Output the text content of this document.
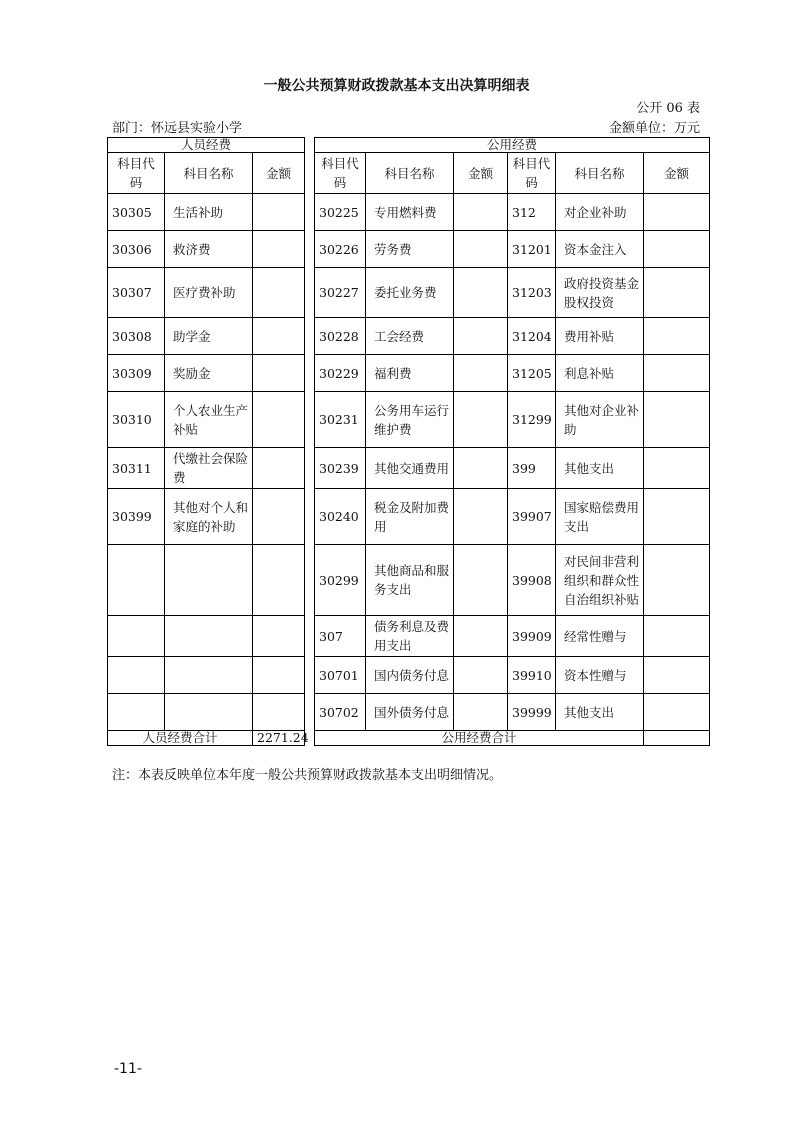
一般公共预算财政拨款基本支出决算明细表
公开 06 表
部门：怀远县实验小学	金额单位：万元
人员经费				公用经费					
科目代码	科目名称	金额		科目代码	科目名称	金额	科目代码	科目名称	金额
30305	生活补助			30225	专用燃料费		312	对企业补助	
30306	救济费			30226	劳务费		31201	资本金注入	
30307	医疗费补助			30227	委托业务费		31203	政府投资基金股权投资	
30308	助学金			30228	工会经费		31204	费用补贴	
30309	奖励金			30229	福利费		31205	利息补贴	
30310	个人农业生产补贴			30231	公务用车运行维护费		31299	其他对企业补助	
30311	代缴社会保险费			30239	其他交通费用		399	其他支出	
30399	其他对个人和家庭的补助			30240	税金及附加费用		39907	国家赔偿费用支出	
				30299	其他商品和服务支出		39908	对民间非营利组织和群众性自治组织补贴	
				307	债务利息及费用支出		39909	经常性赠与	
				30701	国内债务付息		39910	资本性赠与	
				30702	国外债务付息		39999	其他支出	
人员经费合计		2271.24		公用经费合计					
注：本表反映单位本年度一般公共预算财政拨款基本支出明细情况。
-11-
